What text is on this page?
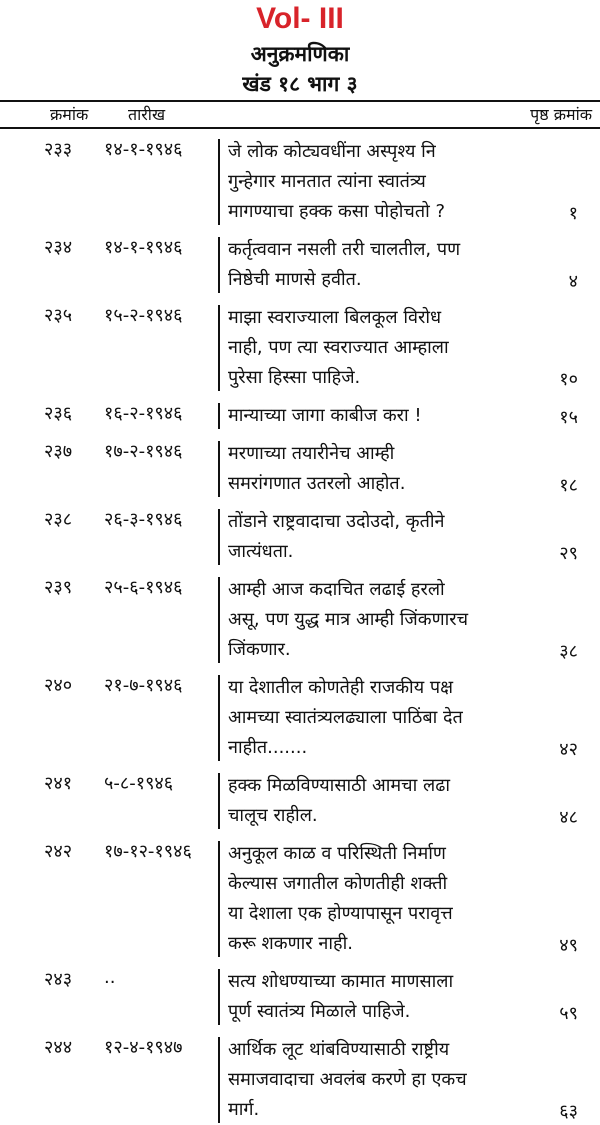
Vol- III
अनुक्रमणिका
खंड १८ भाग ३
क्रमांक तारीख	पृष्ठ क्रमांक
२३३ १४-१-१९४६	जे लोक कोट्यवधींना अस्पृश्य नि
गुन्हेगार मानतात त्यांना स्वातंत्र्य
मागण्याचा हक्क कसा पोहोचतो ?	१
२३४ १४-१-१९४६	कर्तृत्ववान नसली तरी चालतील, पण
निष्ठेची माणसे हवीत.	४
२३५ १५-२-१९४६	माझा स्वराज्याला बिलकूल विरोध
नाही, पण त्या स्वराज्यात आम्हाला
पुरेसा हिस्सा पाहिजे.	१०
२३६ १६-२-१९४६	मान्याच्या जागा काबीज करा !	१५
२३७ १७-२-१९४६	मरणाच्या तयारीनेच आम्ही
समरांगणात उतरलो आहोत.	१८
२३८ २६-३-१९४६	तोंडाने राष्ट्रवादाचा उदोउदो, कृतीने
जात्यंधता.	२९
२३९ २५-६-१९४६	आम्ही आज कदाचित लढाई हरलो
असू, पण युद्ध मात्र आम्ही जिंकणारच
जिंकणार.	३८
२४० २१-७-१९४६	या देशातील कोणतेही राजकीय पक्ष
आमच्या स्वातंत्र्यलढ्याला पाठिंबा देत
नाहीत.......	४२
२४१ ५-८-१९४६	हक्क मिळविण्यासाठी आमचा लढा
चालूच राहील.	४८
२४२ १७-१२-१९४६ अनुकूल काळ व परिस्थिती निर्माण
केल्यास जगातील कोणतीही शक्ती
या देशाला एक होण्यापासून परावृत्त
करू शकणार नाही.	४९
२४३ ..	सत्य शोधण्याच्या कामात माणसाला
पूर्ण स्वातंत्र्य मिळाले पाहिजे.	५९
२४४ १२-४-१९४७	आर्थिक लूट थांबविण्यासाठी राष्ट्रीय
समाजवादाचा अवलंब करणे हा एकच
मार्ग.	६३
